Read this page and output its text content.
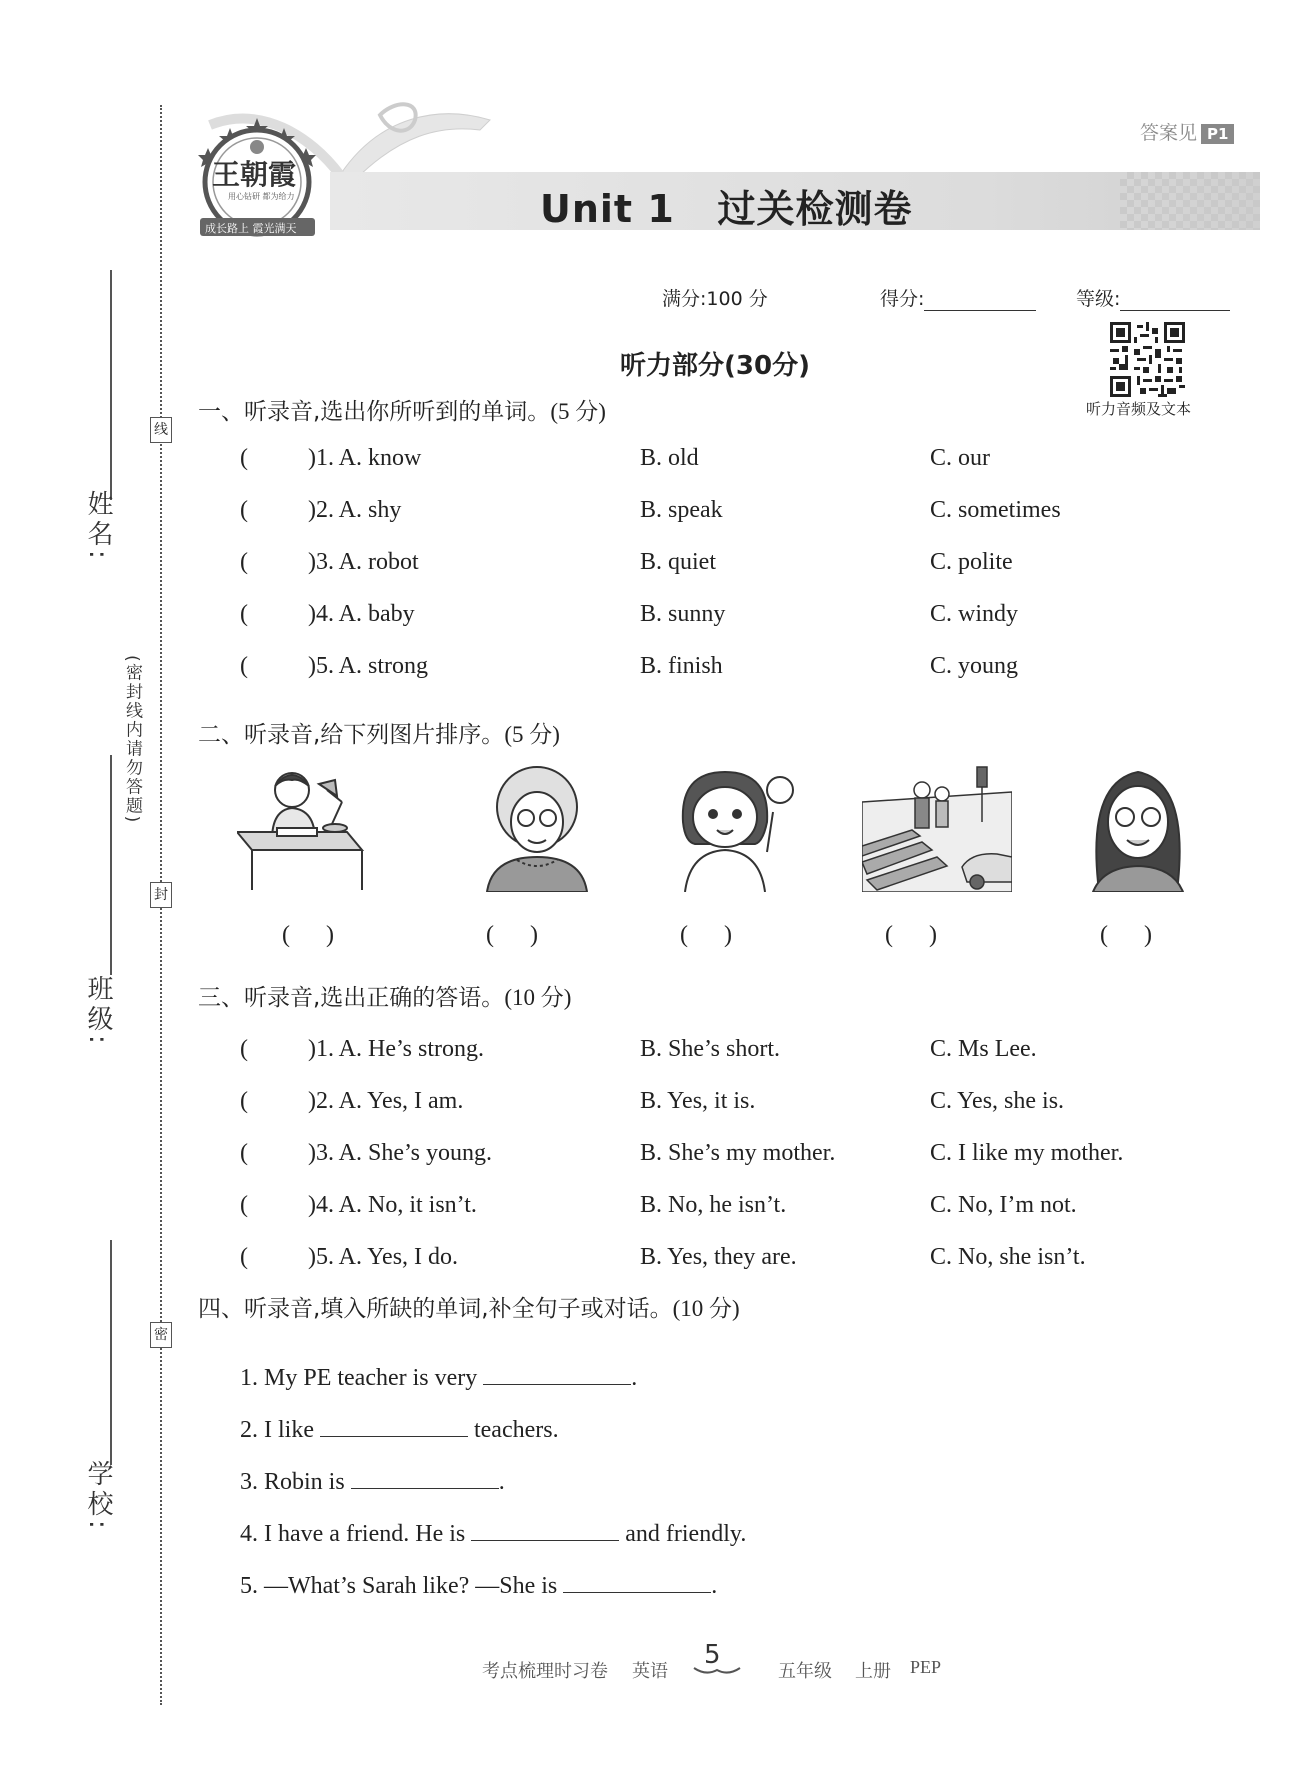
线
封
密
(密封线内请勿答题)
姓名:
班级:
学校:
答案见 P1
Unit 1   过关检测卷
王朝霞
用心钻研 都为给力
成长路上 霞光满天
满分:100 分	得分:	等级:
听力音频及文本
听力部分(30分)
一、听录音,选出你所听到的单词。(5 分)
(	)1. A. know	B. old	C. our
(	)2. A. shy	B. speak	C. sometimes
(	)3. A. robot	B. quiet	C. polite
(	)4. A. baby	B. sunny	C. windy
(	)5. A. strong	B. finish	C. young
二、听录音,给下列图片排序。(5 分)
(      )	(      )	(      )	(      )	(      )
三、听录音,选出正确的答语。(10 分)
(	)1. A. He’s strong.	B. She’s short.	C. Ms Lee.
(	)2. A. Yes, I am.	B. Yes, it is.	C. Yes, she is.
(	)3. A. She’s young.	B. She’s my mother.	C. I like my mother.
(	)4. A. No, it isn’t.	B. No, he isn’t.	C. No, I’m not.
(	)5. A. Yes, I do.	B. Yes, they are.	C. No, she isn’t.
四、听录音,填入所缺的单词,补全句子或对话。(10 分)
1. My PE teacher is very	.
2. I like	teachers.
3. Robin is	.
4. I have a friend. He is	and friendly.
5. —What’s Sarah like? —She is	.
考点梳理时习卷 英语
5
五年级 上册 PEP
